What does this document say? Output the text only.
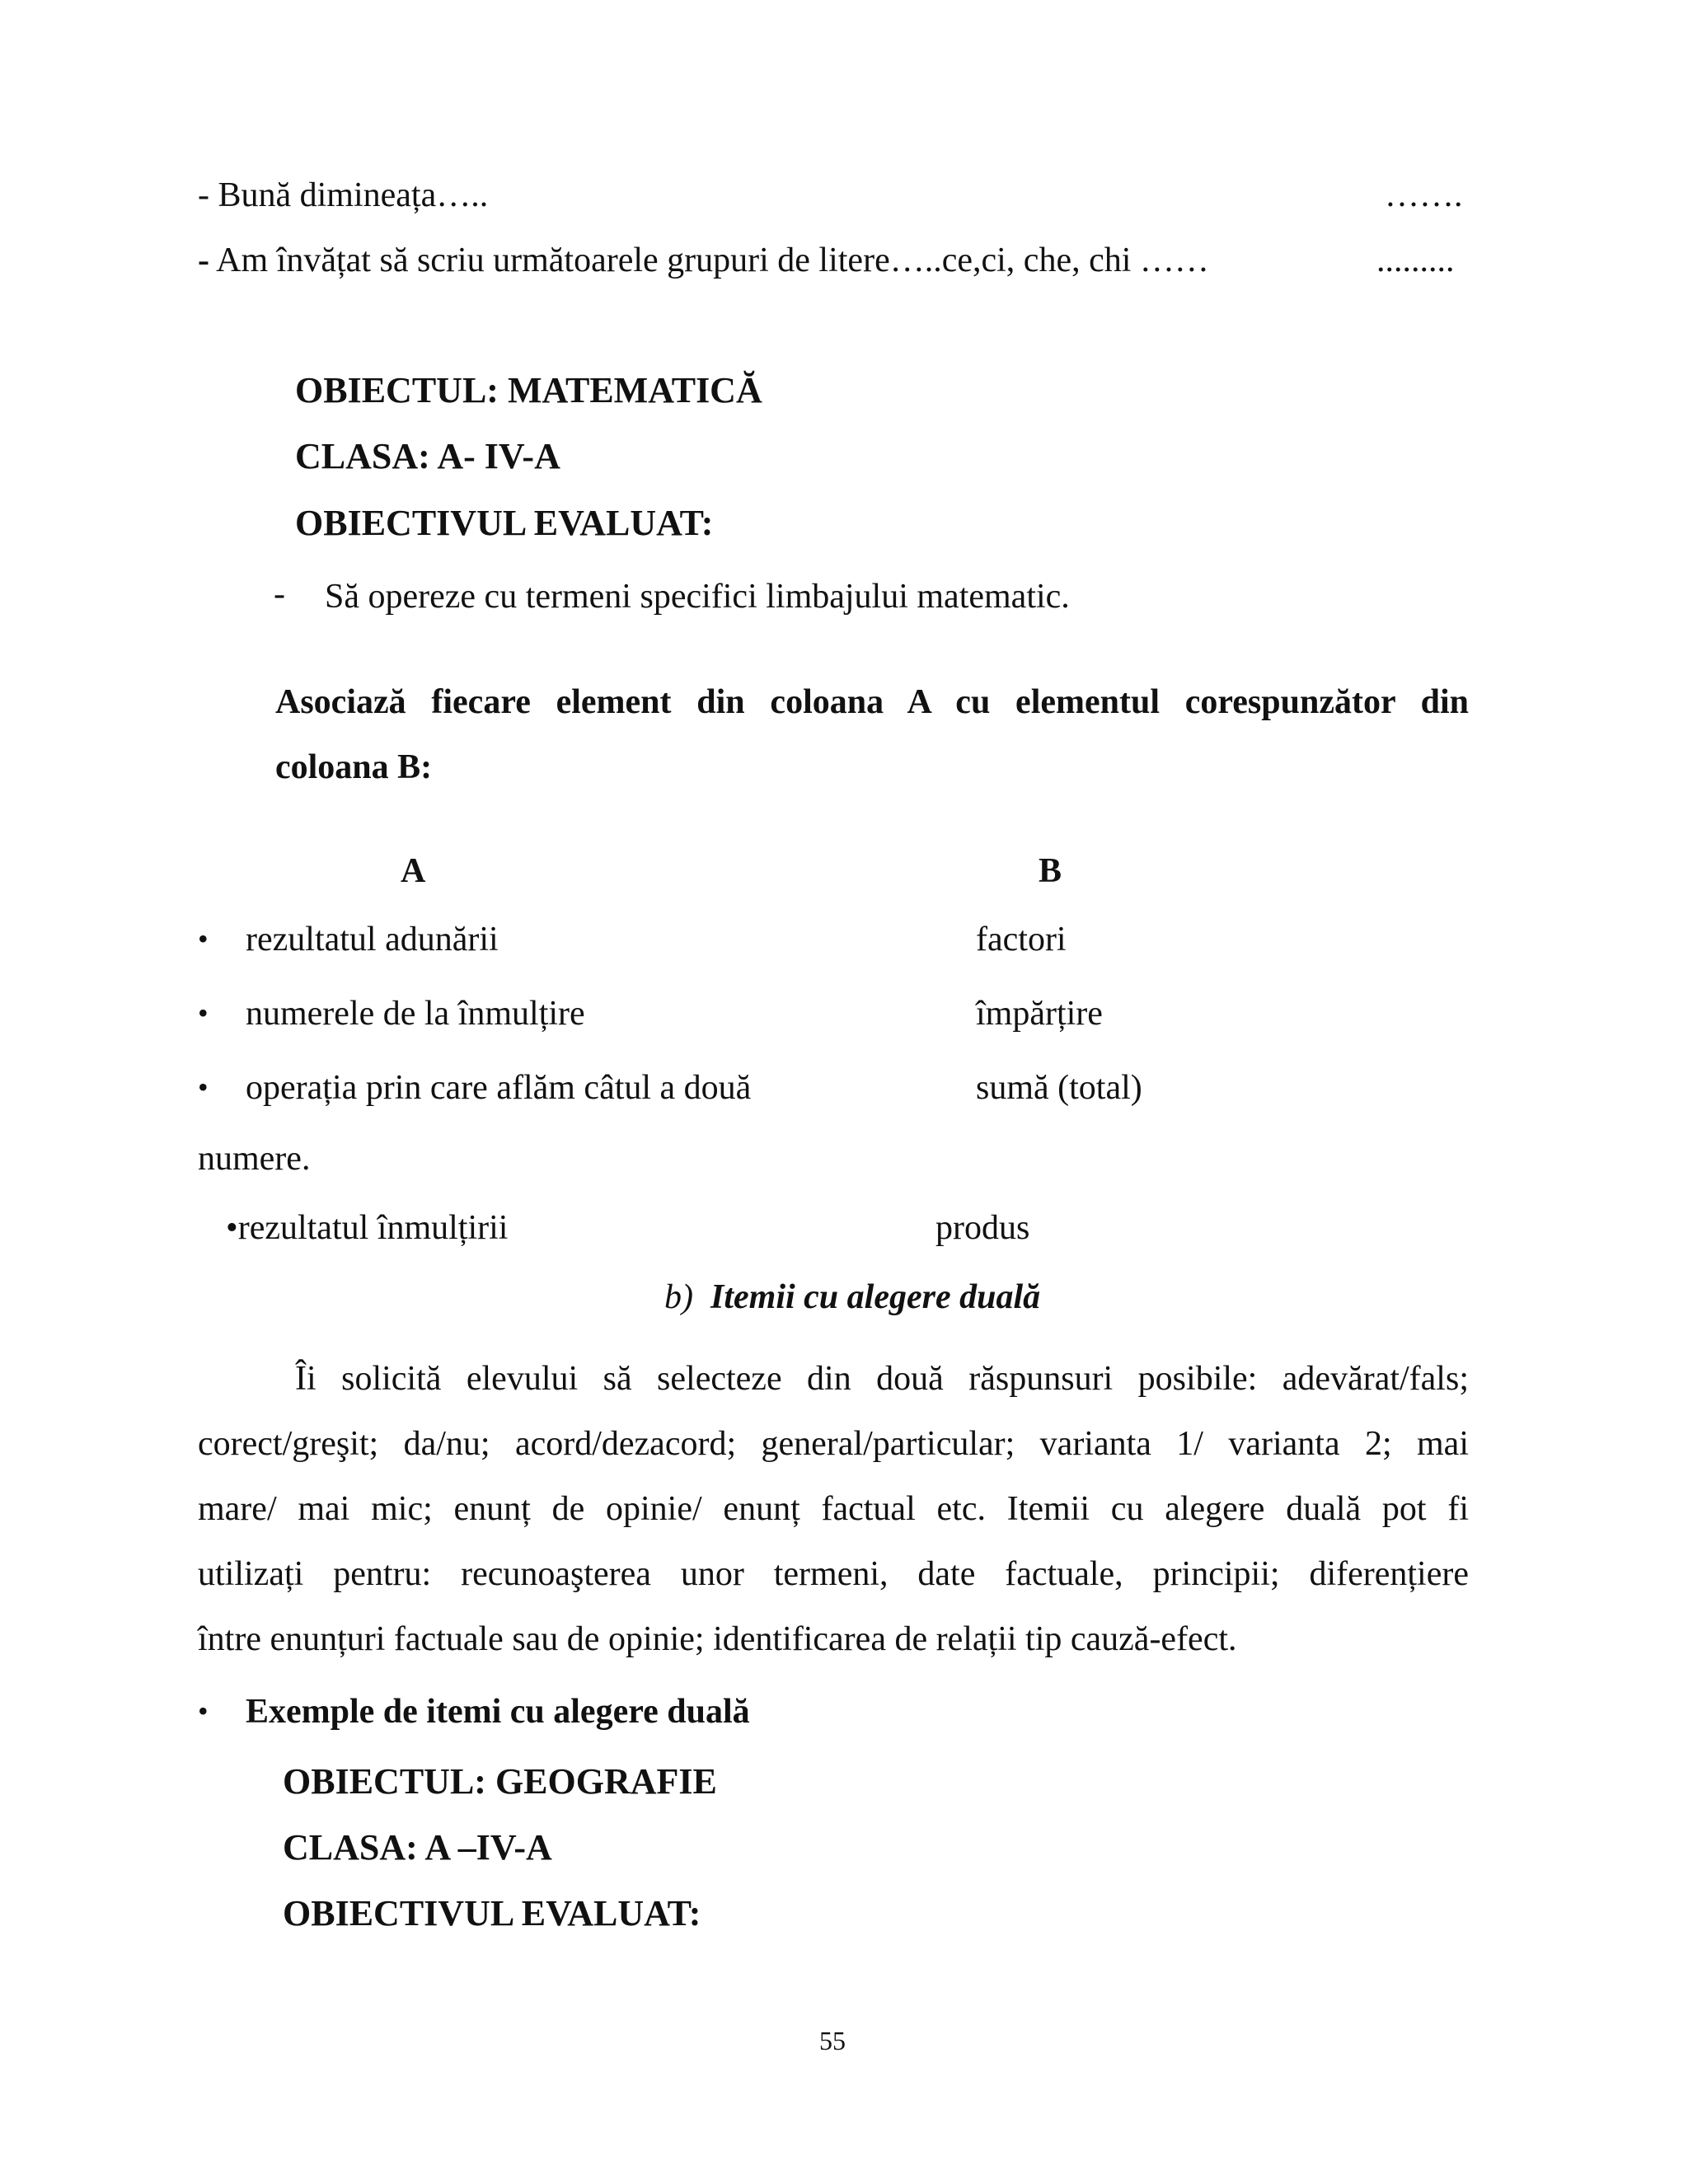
- Bună dimineața…..	…….
- Am învățat să scriu următoarele grupuri de litere…..ce,ci, che, chi ……	.........
OBIECTUL: MATEMATICĂ
CLASA: A- IV-A
OBIECTIVUL EVALUAT:
- Să opereze cu termeni specifici limbajului matematic.
Asociază fiecare element din coloana A cu elementul corespunzător din
coloana B:
A	B
• rezultatul adunării	factori
• numerele de la înmulțire	împărțire
• operația prin care aflăm câtul a două	sumă (total)
numere.
•rezultatul înmulțirii	produs
b) Itemii cu alegere duală
Îi solicită elevului să selecteze din două răspunsuri posibile: adevărat/fals;
corect/greşit; da/nu; acord/dezacord; general/particular; varianta 1/ varianta 2; mai
mare/ mai mic; enunț de opinie/ enunț factual etc. Itemii cu alegere duală pot fi
utilizați pentru: recunoaşterea unor termeni, date factuale, principii; diferențiere
între enunțuri factuale sau de opinie; identificarea de relații tip cauză-efect.
• Exemple de itemi cu alegere duală
OBIECTUL: GEOGRAFIE
CLASA: A –IV-A
OBIECTIVUL EVALUAT:
55
